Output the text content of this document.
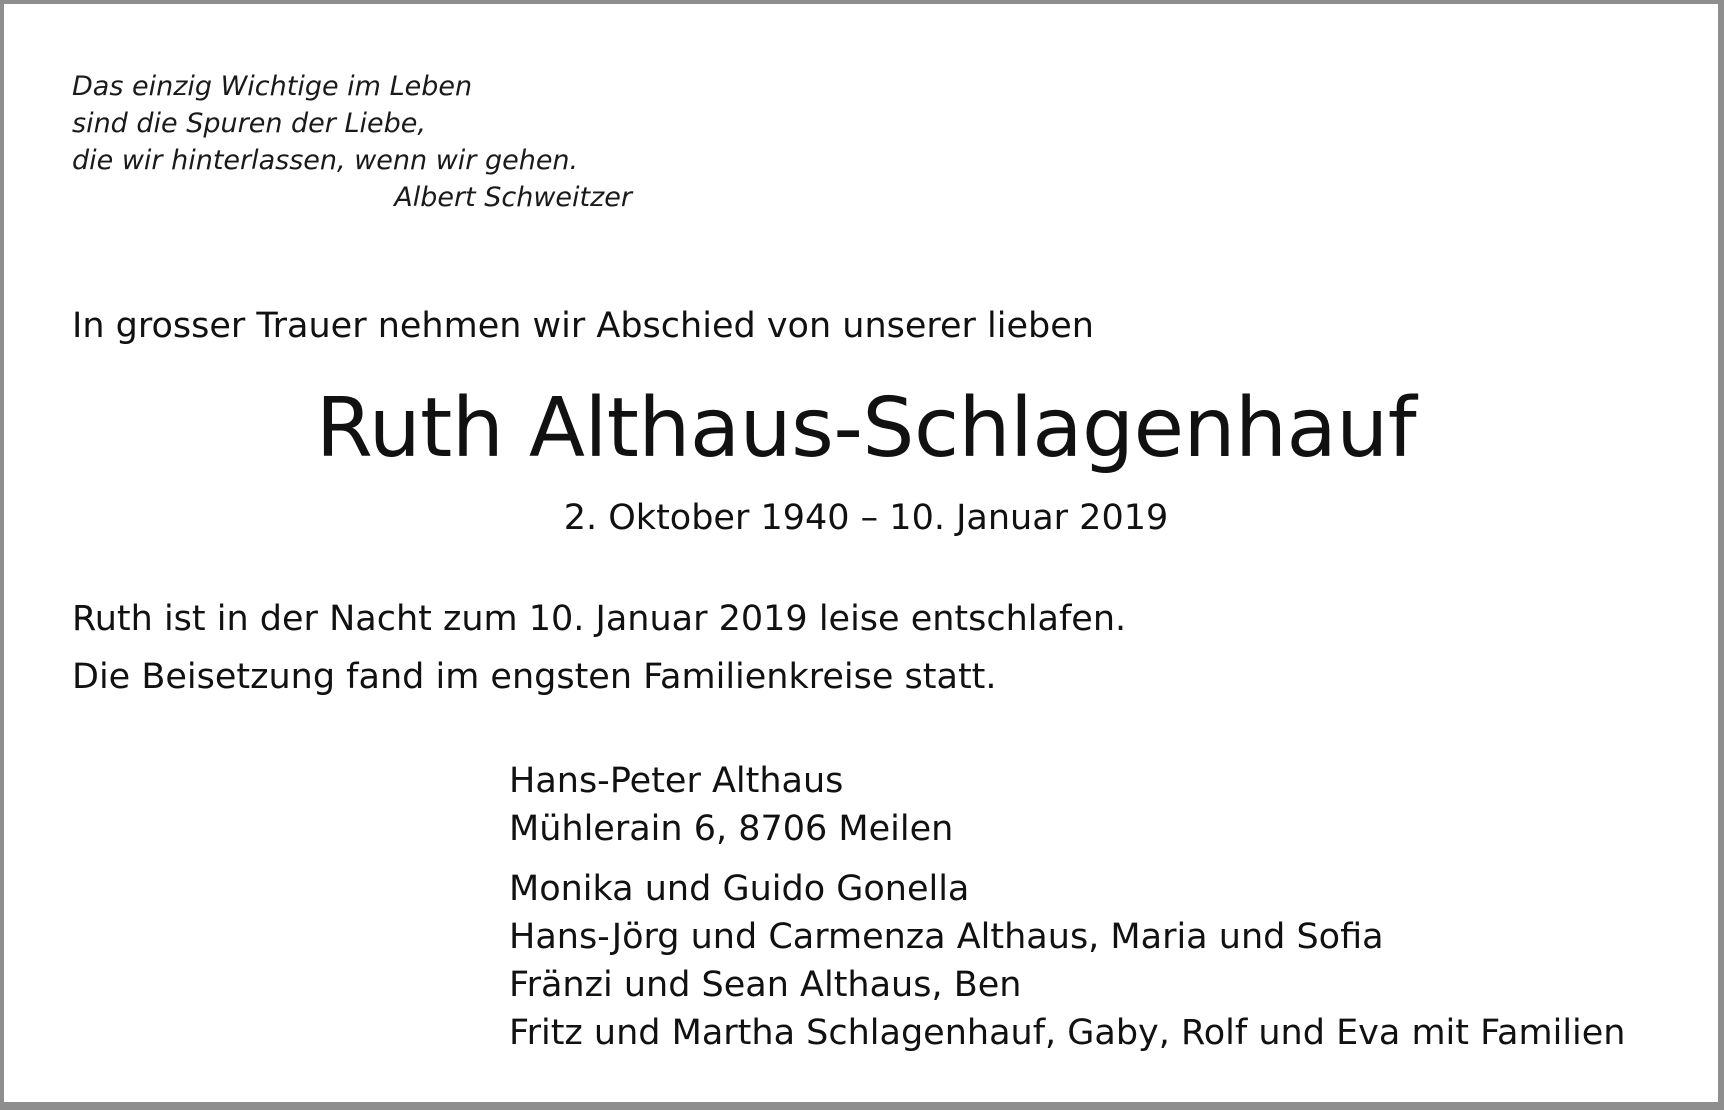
Das einzig Wichtige im Leben
sind die Spuren der Liebe,
die wir hinterlassen, wenn wir gehen.
Albert Schweitzer
In grosser Trauer nehmen wir Abschied von unserer lieben
Ruth Althaus-Schlagenhauf
2. Oktober 1940 – 10. Januar 2019
Ruth ist in der Nacht zum 10. Januar 2019 leise entschlafen.
Die Beisetzung fand im engsten Familienkreise statt.
Hans-Peter Althaus
Mühlerain 6, 8706 Meilen
Monika und Guido Gonella
Hans-Jörg und Carmenza Althaus, Maria und Sofia
Fränzi und Sean Althaus, Ben
Fritz und Martha Schlagenhauf, Gaby, Rolf und Eva mit Familien
